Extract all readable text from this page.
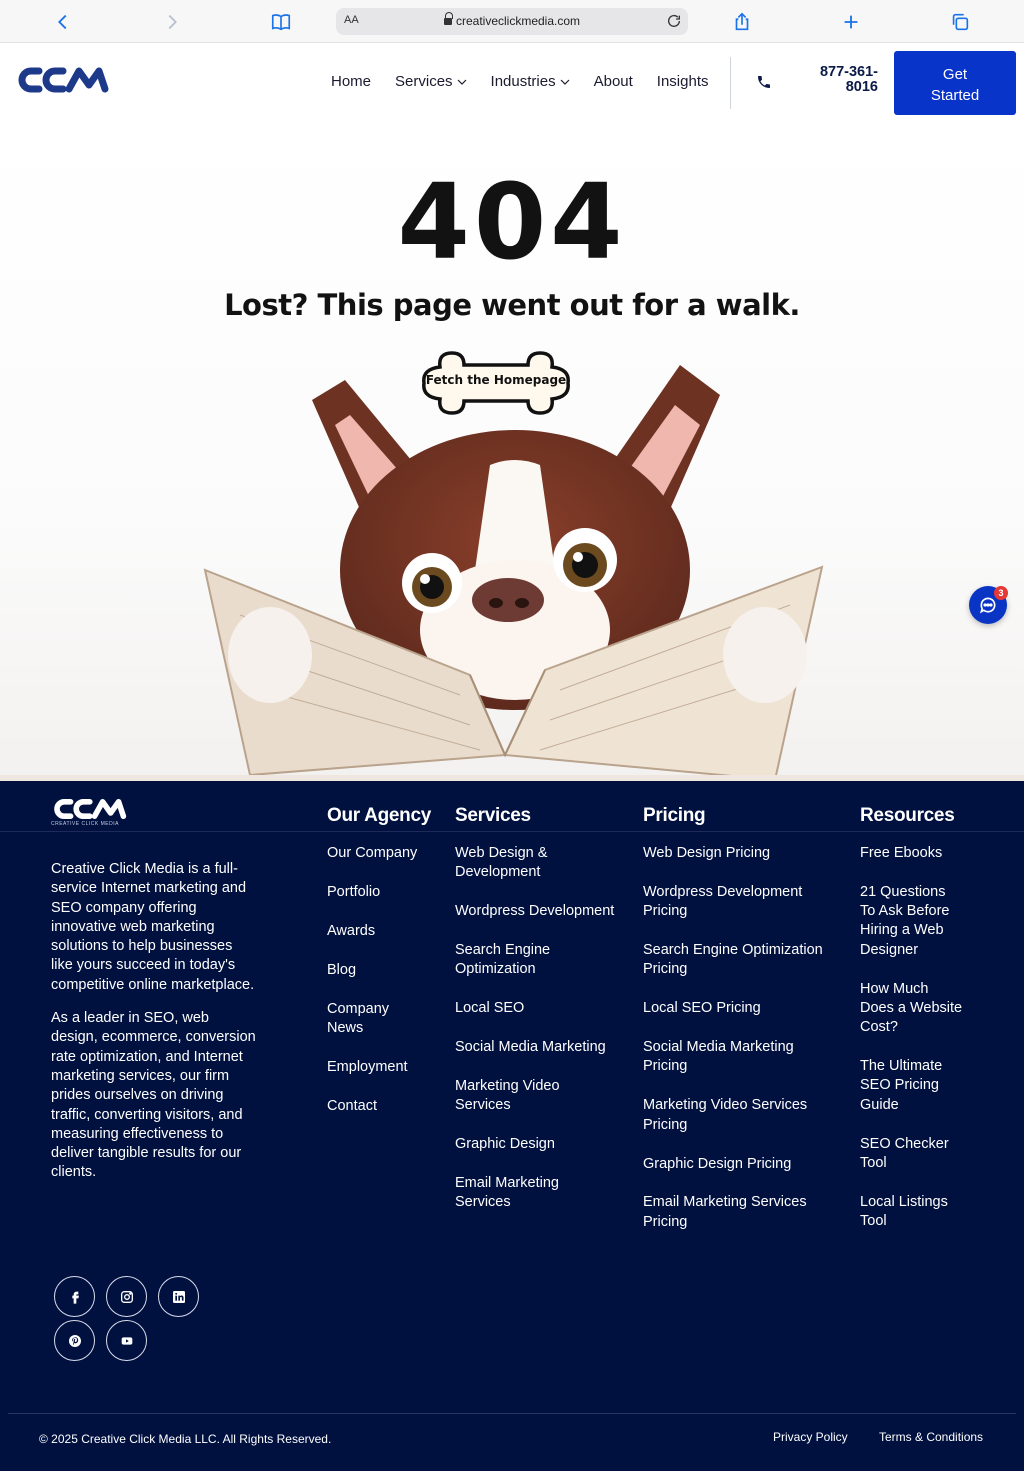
AA	creativeclickmedia.com
Home Services	Industries	About Insights
877-361-
8016
Get
Started
404
Lost? This page went out for a walk.
Fetch the Homepage
3
CREATIVE CLICK MEDIA

Creative Click Media is a full-service Internet marketing and SEO company offering innovative web marketing solutions to help businesses like yours succeed in today's competitive online marketplace.

As a leader in SEO, web design, ecommerce, conversion rate optimization, and Internet marketing services, our firm prides ourselves on driving traffic, converting visitors, and measuring effectiveness to deliver tangible results for our clients.

Our Agency
Our Company
Portfolio
Awards
Blog
Company News
Employment
Contact
Services
Web Design & Development
Wordpress Development
Search Engine Optimization
Local SEO
Social Media Marketing
Marketing Video Services
Graphic Design
Email Marketing Services
Pricing
Web Design Pricing
Wordpress Development Pricing
Search Engine Optimization Pricing
Local SEO Pricing
Social Media Marketing Pricing
Marketing Video Services Pricing
Graphic Design Pricing
Email Marketing Services Pricing
Resources
Free Ebooks
21 Questions To Ask Before Hiring a Web Designer
How Much Does a Website Cost?
The Ultimate SEO Pricing Guide
SEO Checker Tool
Local Listings Tool
© 2025 Creative Click Media LLC. All Rights Reserved.	Privacy Policy	Terms & Conditions
